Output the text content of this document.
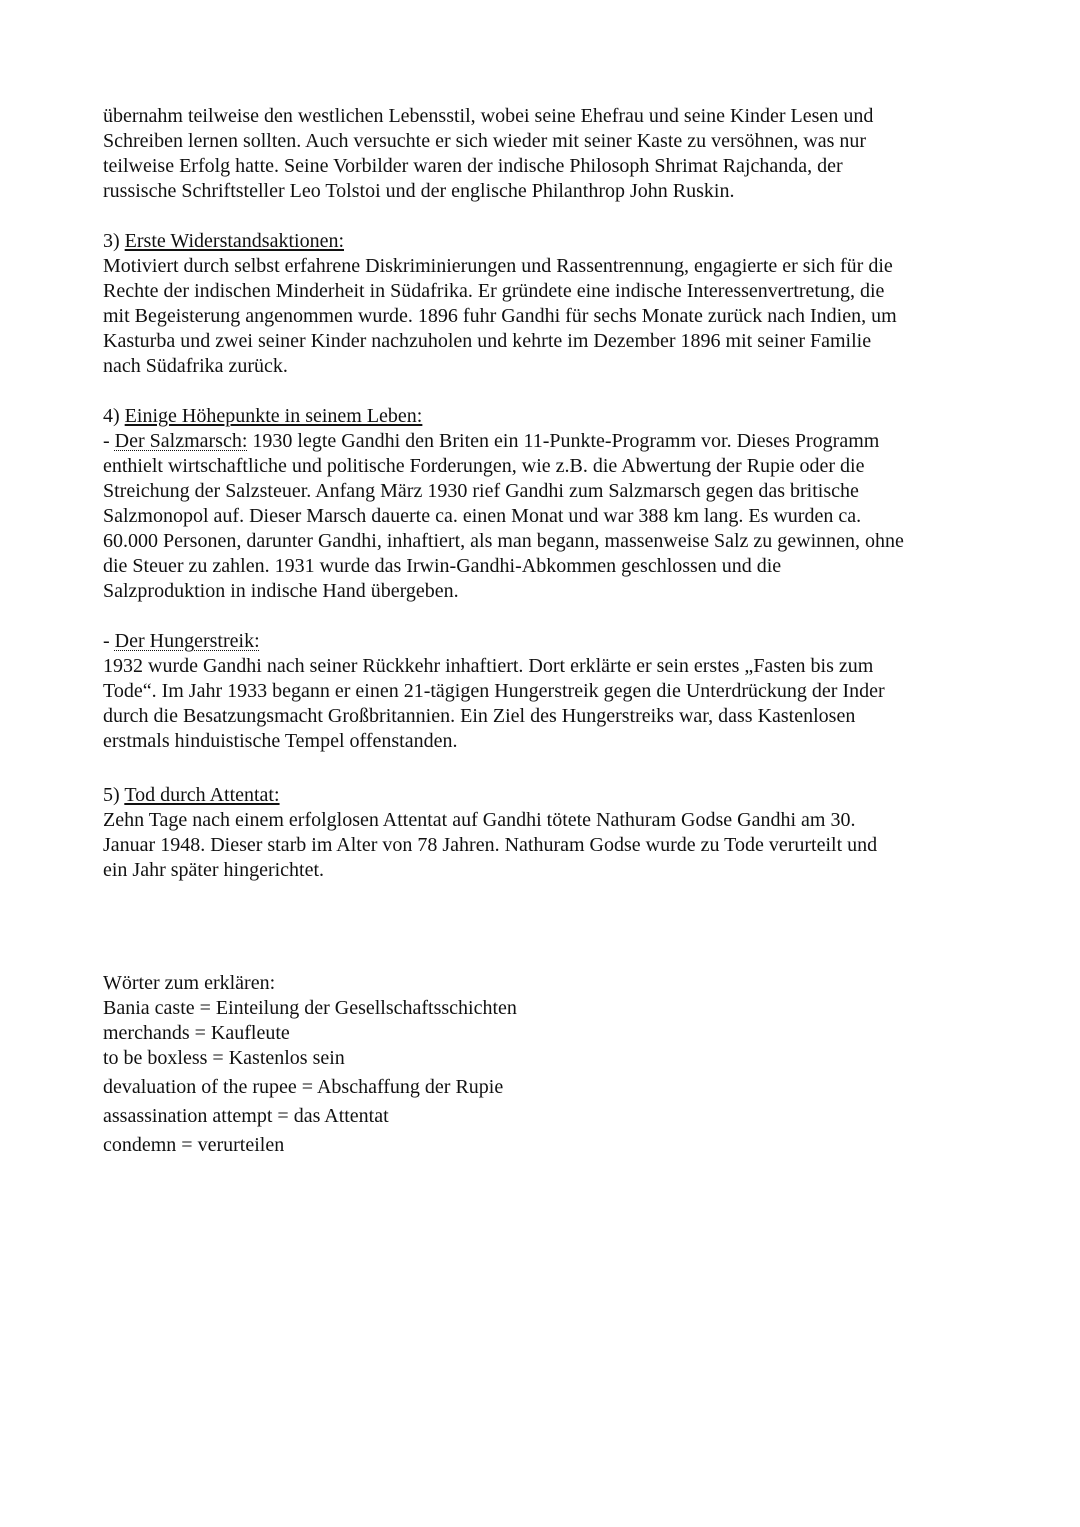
übernahm teilweise den westlichen Lebensstil, wobei seine Ehefrau und seine Kinder Lesen und
Schreiben lernen sollten. Auch versuchte er sich wieder mit seiner Kaste zu versöhnen, was nur
teilweise Erfolg hatte. Seine Vorbilder waren der indische Philosoph Shrimat Rajchanda, der
russische Schriftsteller Leo Tolstoi und der englische Philanthrop John Ruskin.

3) Erste Widerstandsaktionen:

Motiviert durch selbst erfahrene Diskriminierungen und Rassentrennung, engagierte er sich für die
Rechte der indischen Minderheit in Südafrika. Er gründete eine indische Interessenvertretung, die
mit Begeisterung angenommen wurde. 1896 fuhr Gandhi für sechs Monate zurück nach Indien, um
Kasturba und zwei seiner Kinder nachzuholen und kehrte im Dezember 1896 mit seiner Familie
nach Südafrika zurück.

4) Einige Höhepunkte in seinem Leben:

- Der Salzmarsch: 1930 legte Gandhi den Briten ein 11-Punkte-Programm vor. Dieses Programm
enthielt wirtschaftliche und politische Forderungen, wie z.B. die Abwertung der Rupie oder die
Streichung der Salzsteuer. Anfang März 1930 rief Gandhi zum Salzmarsch gegen das britische
Salzmonopol auf. Dieser Marsch dauerte ca. einen Monat und war 388 km lang. Es wurden ca.
60.000 Personen, darunter Gandhi, inhaftiert, als man begann, massenweise Salz zu gewinnen, ohne
die Steuer zu zahlen. 1931 wurde das Irwin-Gandhi-Abkommen geschlossen und die
Salzproduktion in indische Hand übergeben.

- Der Hungerstreik:

1932 wurde Gandhi nach seiner Rückkehr inhaftiert. Dort erklärte er sein erstes „Fasten bis zum
Tode“. Im Jahr 1933 begann er einen 21-tägigen Hungerstreik gegen die Unterdrückung der Inder
durch die Besatzungsmacht Großbritannien. Ein Ziel des Hungerstreiks war, dass Kastenlosen
erstmals hinduistische Tempel offenstanden.

5) Tod durch Attentat:

Zehn Tage nach einem erfolglosen Attentat auf Gandhi tötete Nathuram Godse Gandhi am 30.
Januar 1948. Dieser starb im Alter von 78 Jahren. Nathuram Godse wurde zu Tode verurteilt und
ein Jahr später hingerichtet.

Wörter zum erklären:

Bania caste = Einteilung der Gesellschaftsschichten

merchands = Kaufleute

to be boxless = Kastenlos sein

devaluation of the rupee = Abschaffung der Rupie

assassination attempt = das Attentat

condemn = verurteilen
